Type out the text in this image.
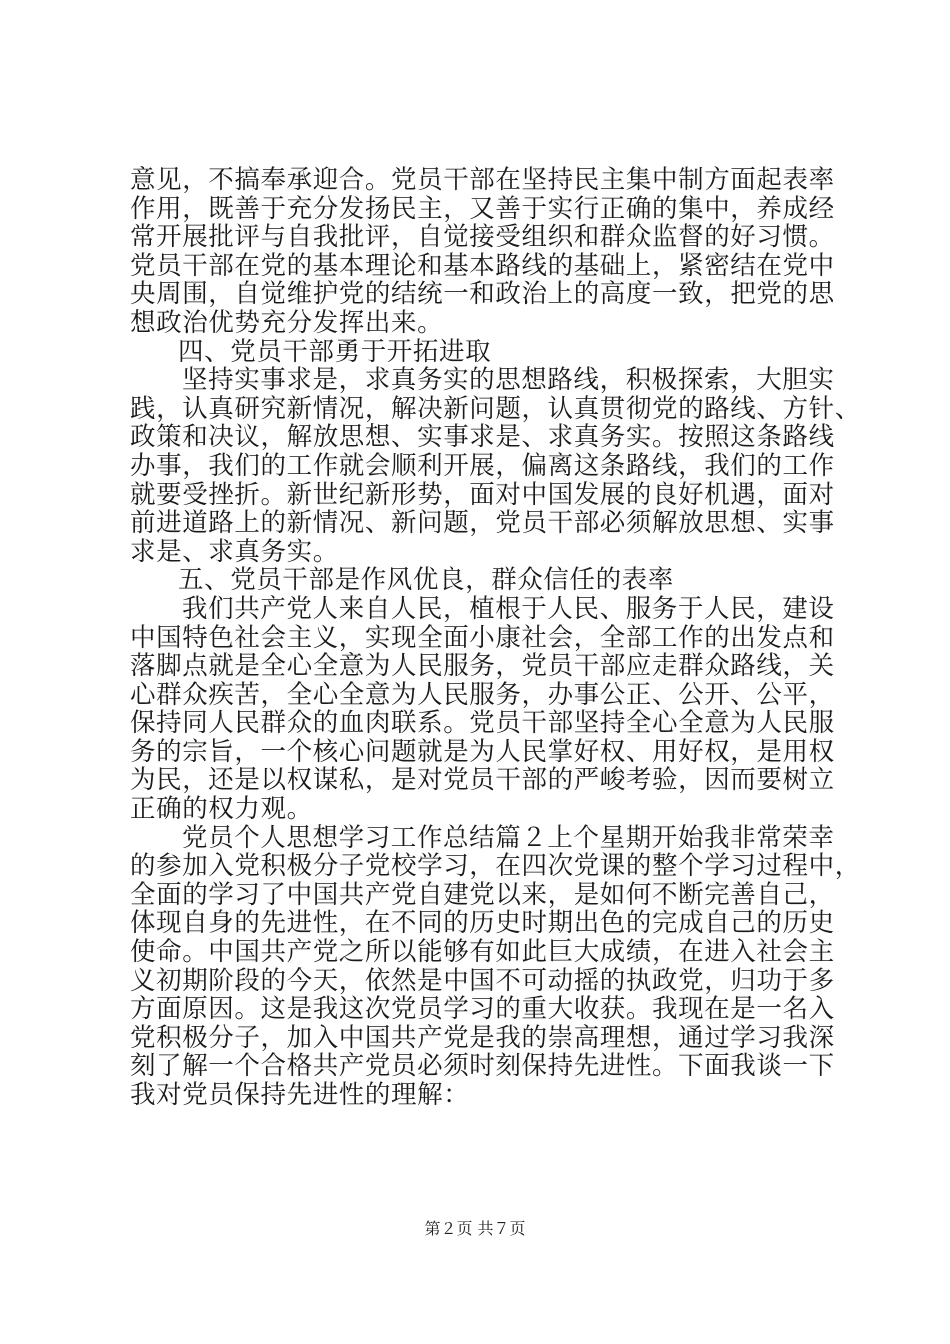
意见，不搞奉承迎合。党员干部在坚持民主集中制方面起表率
作用，既善于充分发扬民主，又善于实行正确的集中，养成经
常开展批评与自我批评，自觉接受组织和群众监督的好习惯。
党员干部在党的基本理论和基本路线的基础上，紧密结在党中
央周围，自觉维护党的结统一和政治上的高度一致，把党的思
想政治优势充分发挥出来。
四、党员干部勇于开拓进取
坚持实事求是，求真务实的思想路线，积极探索，大胆实
践，认真研究新情况，解决新问题，认真贯彻党的路线、方针、
政策和决议，解放思想、实事求是、求真务实。按照这条路线
办事，我们的工作就会顺利开展，偏离这条路线，我们的工作
就要受挫折。新世纪新形势，面对中国发展的良好机遇，面对
前进道路上的新情况、新问题，党员干部必须解放思想、实事
求是、求真务实。
五、党员干部是作风优良，群众信任的表率
我们共产党人来自人民，植根于人民、服务于人民，建设
中国特色社会主义，实现全面小康社会，全部工作的出发点和
落脚点就是全心全意为人民服务，党员干部应走群众路线，关
心群众疾苦，全心全意为人民服务，办事公正、公开、公平，
保持同人民群众的血肉联系。党员干部坚持全心全意为人民服
务的宗旨，一个核心问题就是为人民掌好权、用好权，是用权
为民，还是以权谋私，是对党员干部的严峻考验，因而要树立
正确的权力观。
党员个人思想学习工作总结篇２上个星期开始我非常荣幸
的参加入党积极分子党校学习，在四次党课的整个学习过程中，
全面的学习了中国共产党自建党以来，是如何不断完善自己，
体现自身的先进性，在不同的历史时期出色的完成自己的历史
使命。中国共产党之所以能够有如此巨大成绩，在进入社会主
义初期阶段的今天，依然是中国不可动摇的执政党，归功于多
方面原因。这是我这次党员学习的重大收获。我现在是一名入
党积极分子，加入中国共产党是我的崇高理想，通过学习我深
刻了解一个合格共产党员必须时刻保持先进性。下面我谈一下
我对党员保持先进性的理解：
第２页 共７页
